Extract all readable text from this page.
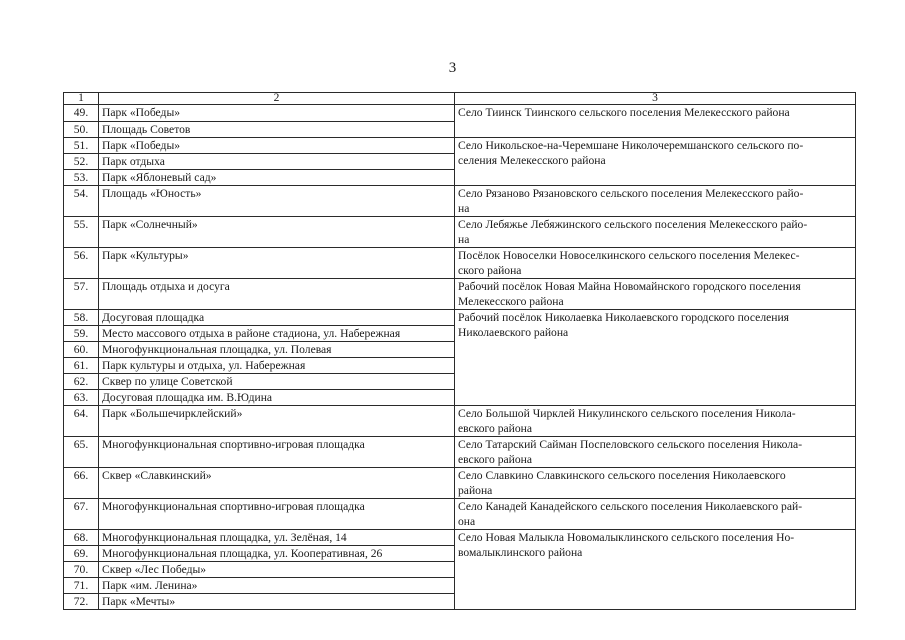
3
1	2	3
49.	Парк «Победы»	Село Тиинск Тиинского сельского поселения Мелекесского района

50.	Площадь Советов	
51.	Парк «Победы»	Село Никольское-на-Черемшане Николочеремшанского сельского по-
селения Мелекесского района

52.	Парк отдыха	
53.	Парк «Яблоневый сад»	
54.	Площадь «Юность»	Село Рязаново Рязановского сельского поселения Мелекесского райо-
на

55.	Парк «Солнечный»	Село Лебяжье Лебяжинского сельского поселения Мелекесского райо-
на

56.	Парк «Культуры»	Посёлок Новоселки Новоселкинского сельского поселения Мелекес-
ского района

57.	Площадь отдыха и досуга	Рабочий посёлок Новая Майна Новомайнского городского поселения
Мелекесского района

58.	Досуговая площадка	Рабочий посёлок Николаевка Николаевского городского поселения
Николаевского района

59.	Место массового отдыха в районе стадиона, ул. Набережная	
60.	Многофункциональная площадка, ул. Полевая	
61.	Парк культуры и отдыха, ул. Набережная	
62.	Сквер по улице Советской	
63.	Досуговая площадка им. В.Юдина	
64.	Парк «Большечирклейский»	Село Большой Чирклей Никулинского сельского поселения Никола-
евского района

65.	Многофункциональная спортивно-игровая площадка	Село Татарский Сайман Поспеловского сельского поселения Никола-
евского района

66.	Сквер «Славкинский»	Село Славкино Славкинского сельского поселения Николаевского
района

67.	Многофункциональная спортивно-игровая площадка	Село Канадей Канадейского сельского поселения Николаевского рай-
она

68.	Многофункциональная площадка, ул. Зелёная, 14	Село Новая Малыкла Новомалыклинского сельского поселения Но-
вомалыклинского района

69.	Многофункциональная площадка, ул. Кооперативная, 26	
70.	Сквер «Лес Победы»	
71.	Парк «им. Ленина»	
72.	Парк «Мечты»	
